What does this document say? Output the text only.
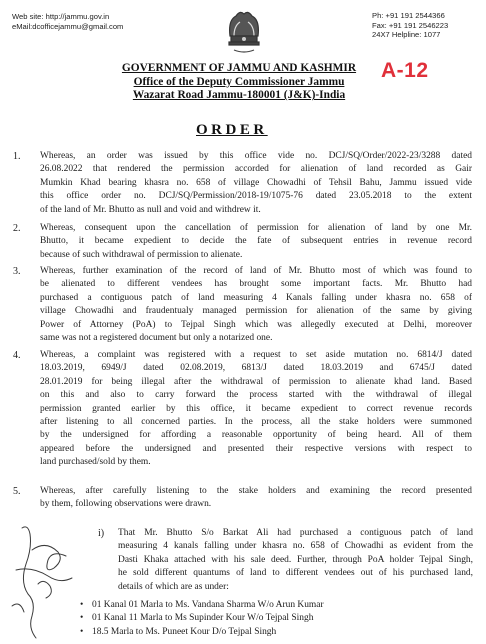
Web site: http://jammu.gov.in
eMail:dcofficejammu@gmail.com
Ph: +91 191 2544366
Fax: +91 191 2546223
24X7 Helpline: 1077
GOVERNMENT OF JAMMU AND KASHMIR
Office of the Deputy Commissioner Jammu
Wazarat Road Jammu-180001 (J&K)-India
A-12
ORDER
1. Whereas, an order was issued by this office vide no. DCJ/SQ/Order/2022-23/3288 dated
26.08.2022 that rendered the permission accorded for alienation of land recorded as Gair
Mumkin Khad bearing khasra no. 658 of village Chowadhi of Tehsil Bahu, Jammu issued vide
this office order no. DCJ/SQ/Permission/2018-19/1075-76 dated 23.05.2018 to the extent
of the land of Mr. Bhutto as null and void and withdrew it.
2. Whereas, consequent upon the cancellation of permission for alienation of land by one Mr.
Bhutto, it became expedient to decide the fate of subsequent entries in revenue record
because of such withdrawal of permission to alienate.
3. Whereas, further examination of the record of land of Mr. Bhutto most of which was found to
be alienated to different vendees has brought some important facts. Mr. Bhutto had
purchased a contiguous patch of land measuring 4 Kanals falling under khasra no. 658 of
village Chowadhi and fraudentualy managed permission for alienation of the same by giving
Power of Attorney (PoA) to Tejpal Singh which was allegedly executed at Delhi, moreover
same was not a registered document but only a notarized one.
4. Whereas, a complaint was registered with a request to set aside mutation no. 6814/J dated
18.03.2019, 6949/J dated 02.08.2019, 6813/J dated 18.03.2019 and 6745/J dated
28.01.2019 for being illegal after the withdrawal of permission to alienate khad land. Based
on this and also to carry forward the process started with the withdrawal of illegal
permission granted earlier by this office, it became expedient to correct revenue records
after listening to all concerned parties. In the process, all the stake holders were summoned
by the undersigned for affording a reasonable opportunity of being heard. All of them
appeared before the undersigned and presented their respective versions with respect to
land purchased/sold by them.
5. Whereas, after carefully listening to the stake holders and examining the record presented
by them, following observations were drawn.
i) That Mr. Bhutto S/o Barkat Ali had purchased a contiguous patch of land
measuring 4 kanals falling under khasra no. 658 of Chowadhi as evident from the
Dasti Khaka attached with his sale deed. Further, through PoA holder Tejpal Singh,
he sold different quantums of land to different vendees out of his purchased land,
details of which are as under:
• 01 Kanal 01 Marla to Ms. Vandana Sharma W/o Arun Kumar
• 01 Kanal 11 Marla to Ms Supinder Kour W/o Tejpal Singh
• 18.5 Marla to Ms. Puneet Kour D/o Tejpal Singh
